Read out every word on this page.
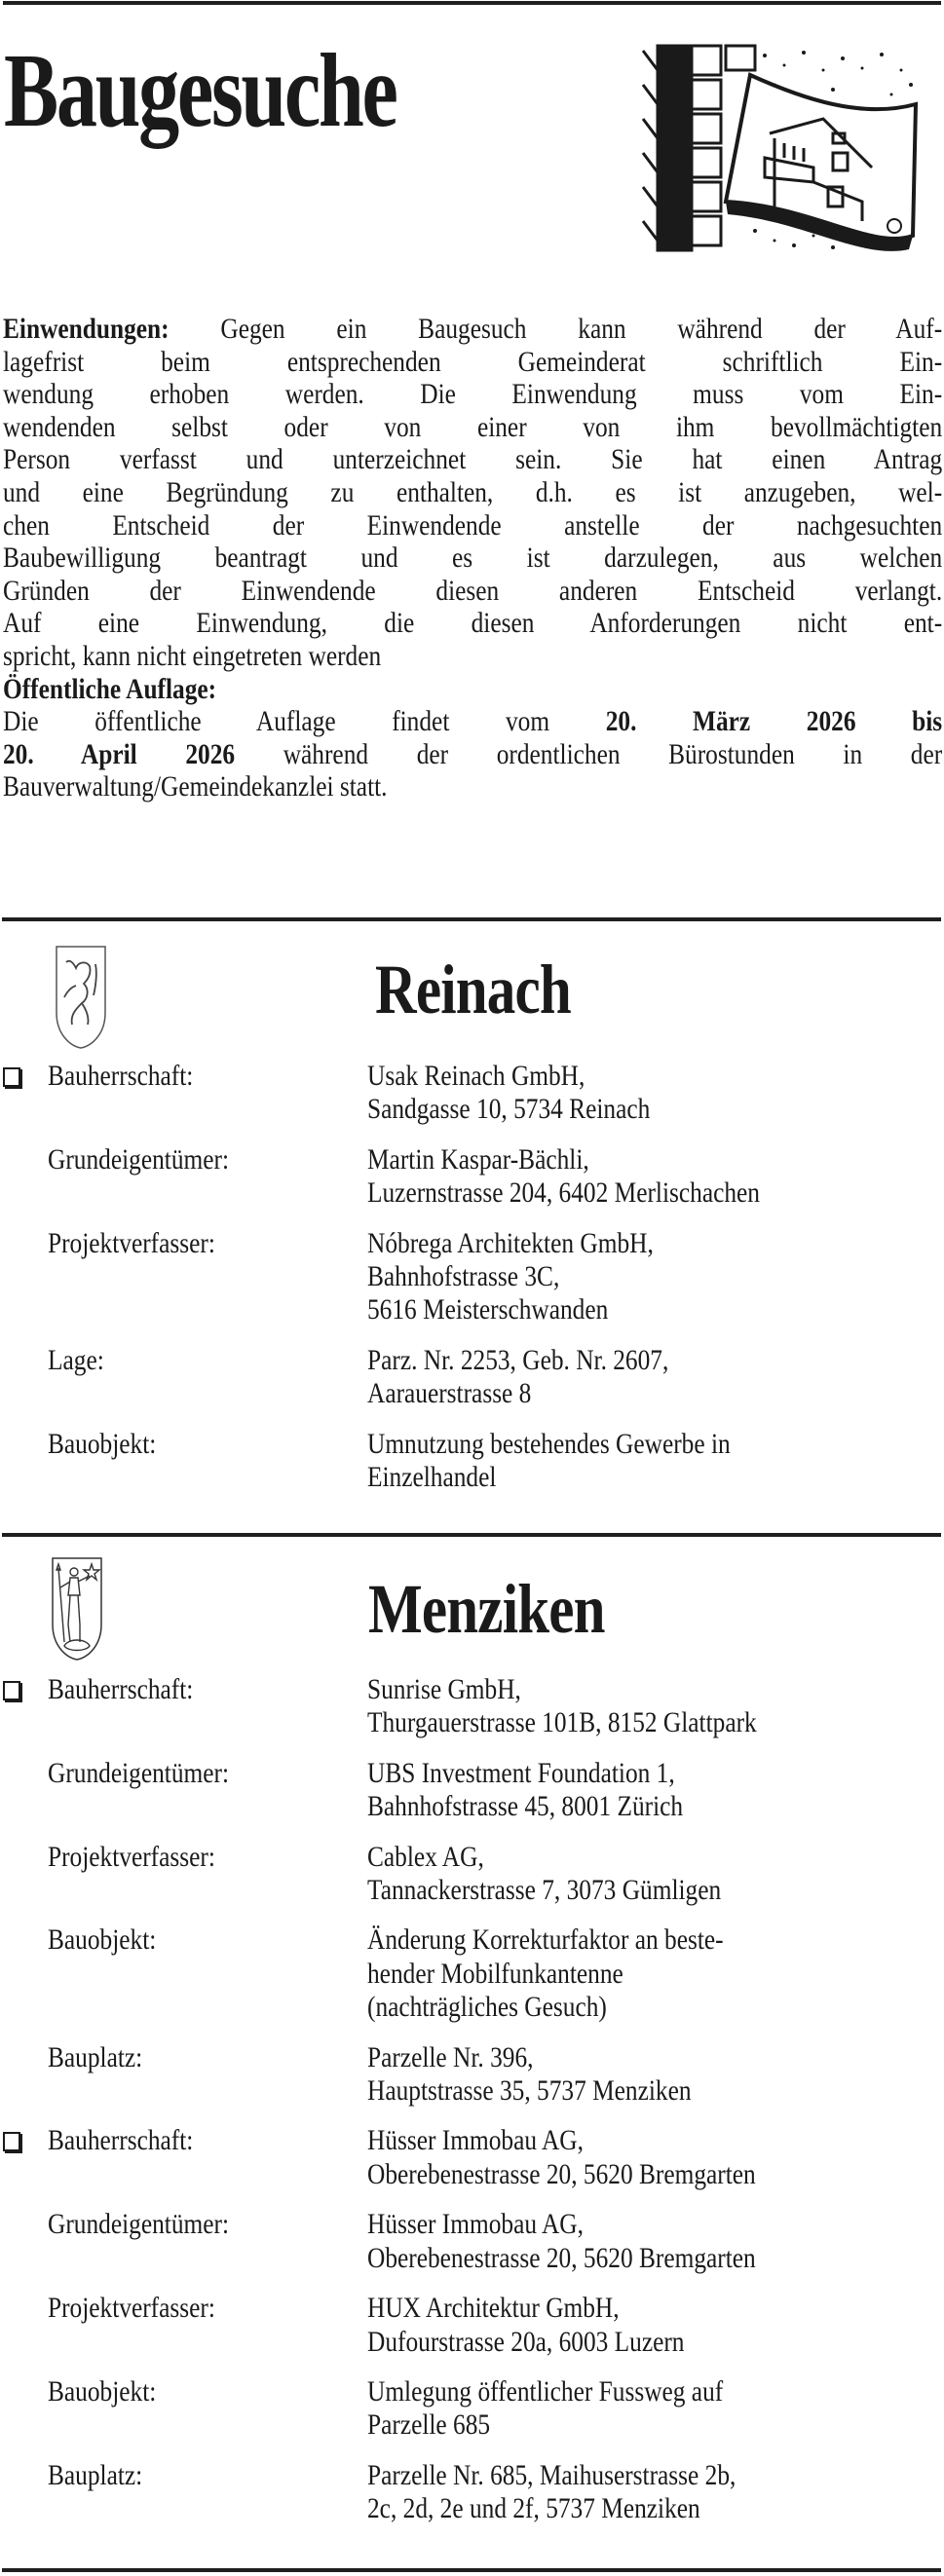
Baugesuche
Einwendungen: Gegen ein Baugesuch kann während der Auf-
lagefrist beim entsprechenden Gemeinderat schriftlich Ein-
wendung erhoben werden. Die Einwendung muss vom Ein-
wendenden selbst oder von einer von ihm bevollmächtigten
Person verfasst und unterzeichnet sein. Sie hat einen Antrag
und eine Begründung zu enthalten, d.h. es ist anzugeben, wel-
chen Entscheid der Einwendende anstelle der nachgesuchten
Baubewilligung beantragt und es ist darzulegen, aus welchen
Gründen der Einwendende diesen anderen Entscheid verlangt.
Auf eine Einwendung, die diesen Anforderungen nicht ent-
spricht, kann nicht eingetreten werden
Öffentliche Auflage:
Die öffentliche Auflage findet vom 20. März 2026 bis
20. April 2026 während der ordentlichen Bürostunden in der
Bauverwaltung/Gemeindekanzlei statt.
Reinach
Bauherrschaft:	Usak Reinach GmbH,
Sandgasse 10, 5734 Reinach
Grundeigentümer:	Martin Kaspar-Bächli,
Luzernstrasse 204, 6402 Merlischachen
Projektverfasser:	Nóbrega Architekten GmbH,
Bahnhofstrasse 3C,
5616 Meisterschwanden
Lage:	Parz. Nr. 2253, Geb. Nr. 2607,
Aarauerstrasse 8
Bauobjekt:	Umnutzung bestehendes Gewerbe in
Einzelhandel
Menziken
Bauherrschaft:	Sunrise GmbH,
Thurgauerstrasse 101B, 8152 Glattpark
Grundeigentümer:	UBS Investment Foundation 1,
Bahnhofstrasse 45, 8001 Zürich
Projektverfasser:	Cablex AG,
Tannackerstrasse 7, 3073 Gümligen
Bauobjekt:	Änderung Korrekturfaktor an beste-
hender Mobilfunkantenne
(nachträgliches Gesuch)
Bauplatz:	Parzelle Nr. 396,
Hauptstrasse 35, 5737 Menziken
Bauherrschaft:	Hüsser Immobau AG,
Oberebenestrasse 20, 5620 Bremgarten
Grundeigentümer:	Hüsser Immobau AG,
Oberebenestrasse 20, 5620 Bremgarten
Projektverfasser:	HUX Architektur GmbH,
Dufourstrasse 20a, 6003 Luzern
Bauobjekt:	Umlegung öffentlicher Fussweg auf
Parzelle 685
Bauplatz:	Parzelle Nr. 685, Maihuserstrasse 2b,
2c, 2d, 2e und 2f, 5737 Menziken
